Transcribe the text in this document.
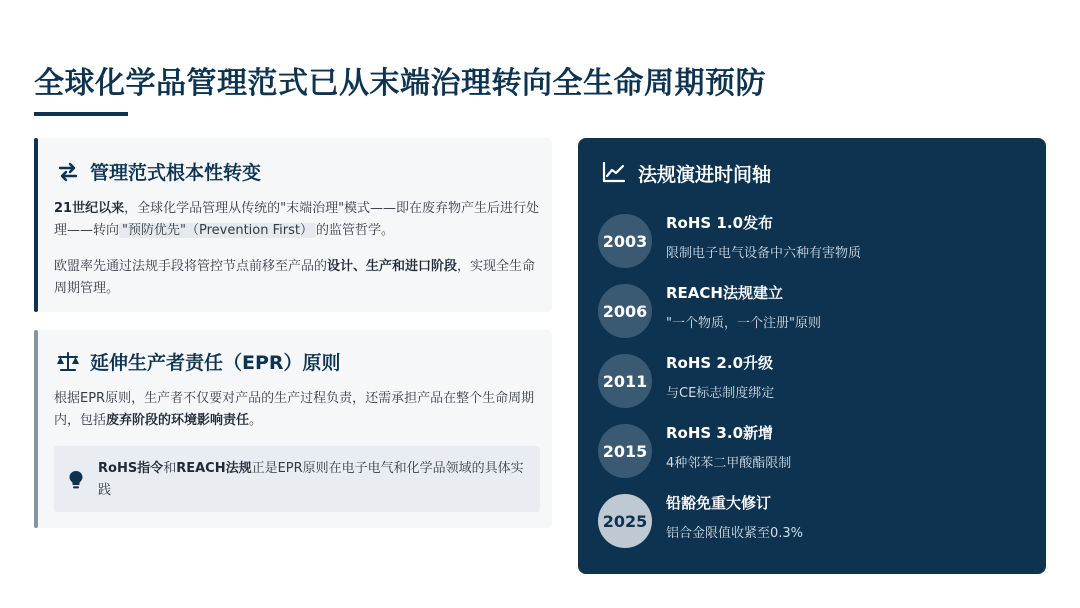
全球化学品管理范式已从末端治理转向全生命周期预防
管理范式根本性转变
21世纪以来，全球化学品管理从传统的"末端治理"模式——即在废弃物产生后进行处理——转向 "预防优先"（Prevention First） 的监管哲学。
欧盟率先通过法规手段将管控节点前移至产品的设计、生产和进口阶段，实现全生命周期管理。
延伸生产者责任（EPR）原则
根据EPR原则，生产者不仅要对产品的生产过程负责，还需承担产品在整个生命周期内，包括废弃阶段的环境影响责任。
RoHS指令和REACH法规正是EPR原则在电子电气和化学品领域的具体实践
法规演进时间轴
2003
RoHS 1.0发布
限制电子电气设备中六种有害物质
2006
REACH法规建立
"一个物质，一个注册"原则
2011
RoHS 2.0升级
与CE标志制度绑定
2015
RoHS 3.0新增
4种邻苯二甲酸酯限制
2025
铅豁免重大修订
铝合金限值收紧至0.3%
